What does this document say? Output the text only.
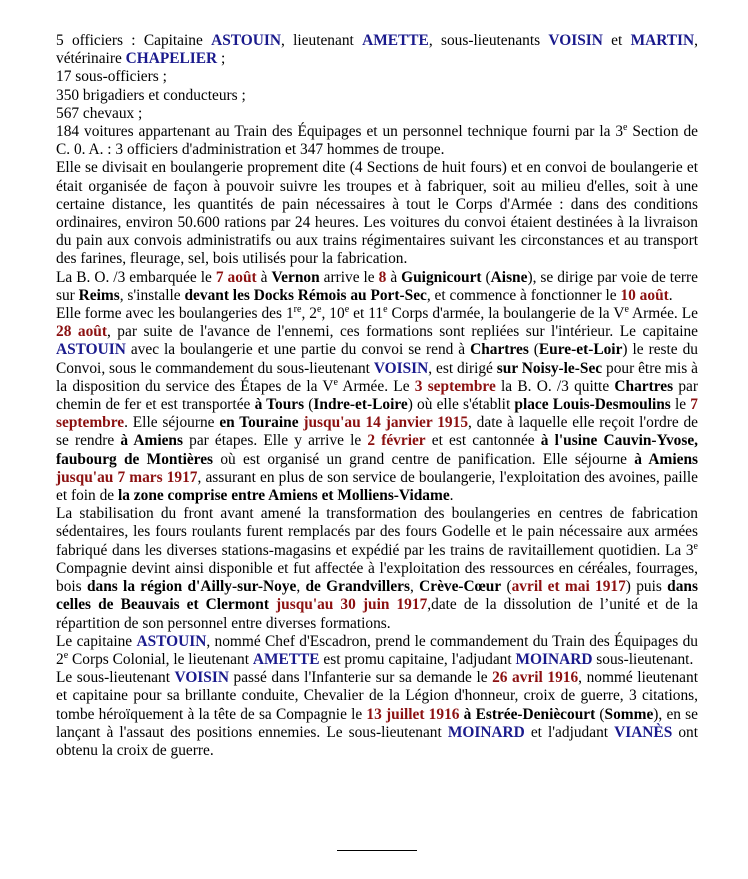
5 officiers : Capitaine ASTOUIN, lieutenant AMETTE, sous-lieutenants VOISIN et MARTIN, vétérinaire CHAPELIER ;

17 sous-officiers ;

350 brigadiers et conducteurs ;

567 chevaux ;

184 voitures appartenant au Train des Équipages et un personnel technique fourni par la 3e Section de C. 0. A. : 3 officiers d'administration et 347 hommes de troupe.

Elle se divisait en boulangerie proprement dite (4 Sections de huit fours) et en convoi de boulangerie et était organisée de façon à pouvoir suivre les troupes et à fabriquer, soit au milieu d'elles, soit à une certaine distance, les quantités de pain nécessaires à tout le Corps d'Armée : dans des conditions ordinaires, environ 50.600 rations par 24 heures. Les voitures du convoi étaient destinées à la livraison du pain aux convois administratifs ou aux trains régimentaires suivant les circonstances et au transport des farines, fleurage, sel, bois utilisés pour la fabrication.

La B. O. /3 embarquée le 7 août à Vernon arrive le 8 à Guignicourt (Aisne), se dirige par voie de terre sur Reims, s'installe devant les Docks Rémois au Port-Sec, et commence à fonctionner le 10 août.

Elle forme avec les boulangeries des 1re, 2e, 10e et 11e Corps d'armée, la boulangerie de la Ve Armée. Le 28 août, par suite de l'avance de l'ennemi, ces formations sont repliées sur l'intérieur. Le capitaine ASTOUIN avec la boulangerie et une partie du convoi se rend à Chartres (Eure-et-Loir) le reste du Convoi, sous le commandement du sous-lieutenant VOISIN, est dirigé sur Noisy-le-Sec pour être mis à la disposition du service des Étapes de la Ve Armée. Le 3 septembre la B. O. /3 quitte Chartres par chemin de fer et est transportée à Tours (Indre-et-Loire) où elle s'établit place Louis-Desmoulins le 7 septembre. Elle séjourne en Touraine jusqu'au 14 janvier 1915, date à laquelle elle reçoit l'ordre de se rendre à Amiens par étapes. Elle y arrive le 2 février et est cantonnée à l'usine Cauvin-Yvose, faubourg de Montières où est organisé un grand centre de panification. Elle séjourne à Amiens jusqu'au 7 mars 1917, assurant en plus de son service de boulangerie, l'exploitation des avoines, paille et foin de la zone comprise entre Amiens et Molliens-Vidame.

La stabilisation du front avant amené la transformation des boulangeries en centres de fabrication sédentaires, les fours roulants furent remplacés par des fours Godelle et le pain nécessaire aux armées fabriqué dans les diverses stations-magasins et expédié par les trains de ravitaillement quotidien. La 3e Compagnie devint ainsi disponible et fut affectée à l'exploitation des ressources en céréales, fourrages, bois dans la région d'Ailly-sur-Noye, de Grandvillers, Crève-Cœur (avril et mai 1917) puis dans celles de Beauvais et Clermont jusqu'au 30 juin 1917,date de la dissolution de l’unité et de la répartition de son personnel entre diverses formations.

Le capitaine ASTOUIN, nommé Chef d'Escadron, prend le commandement du Train des Équipages du 2e Corps Colonial, le lieutenant AMETTE est promu capitaine, l'adjudant MOINARD sous-lieutenant.

Le sous-lieutenant VOISIN passé dans l'Infanterie sur sa demande le 26 avril 1916, nommé lieutenant et capitaine pour sa brillante conduite, Chevalier de la Légion d'honneur, croix de guerre, 3 citations, tombe héroïquement à la tête de sa Compagnie le 13 juillet 1916 à Estrée-Deniècourt (Somme), en se lançant à l'assaut des positions ennemies. Le sous-lieutenant MOINARD et l'adjudant VIANÈS ont obtenu la croix de guerre.
